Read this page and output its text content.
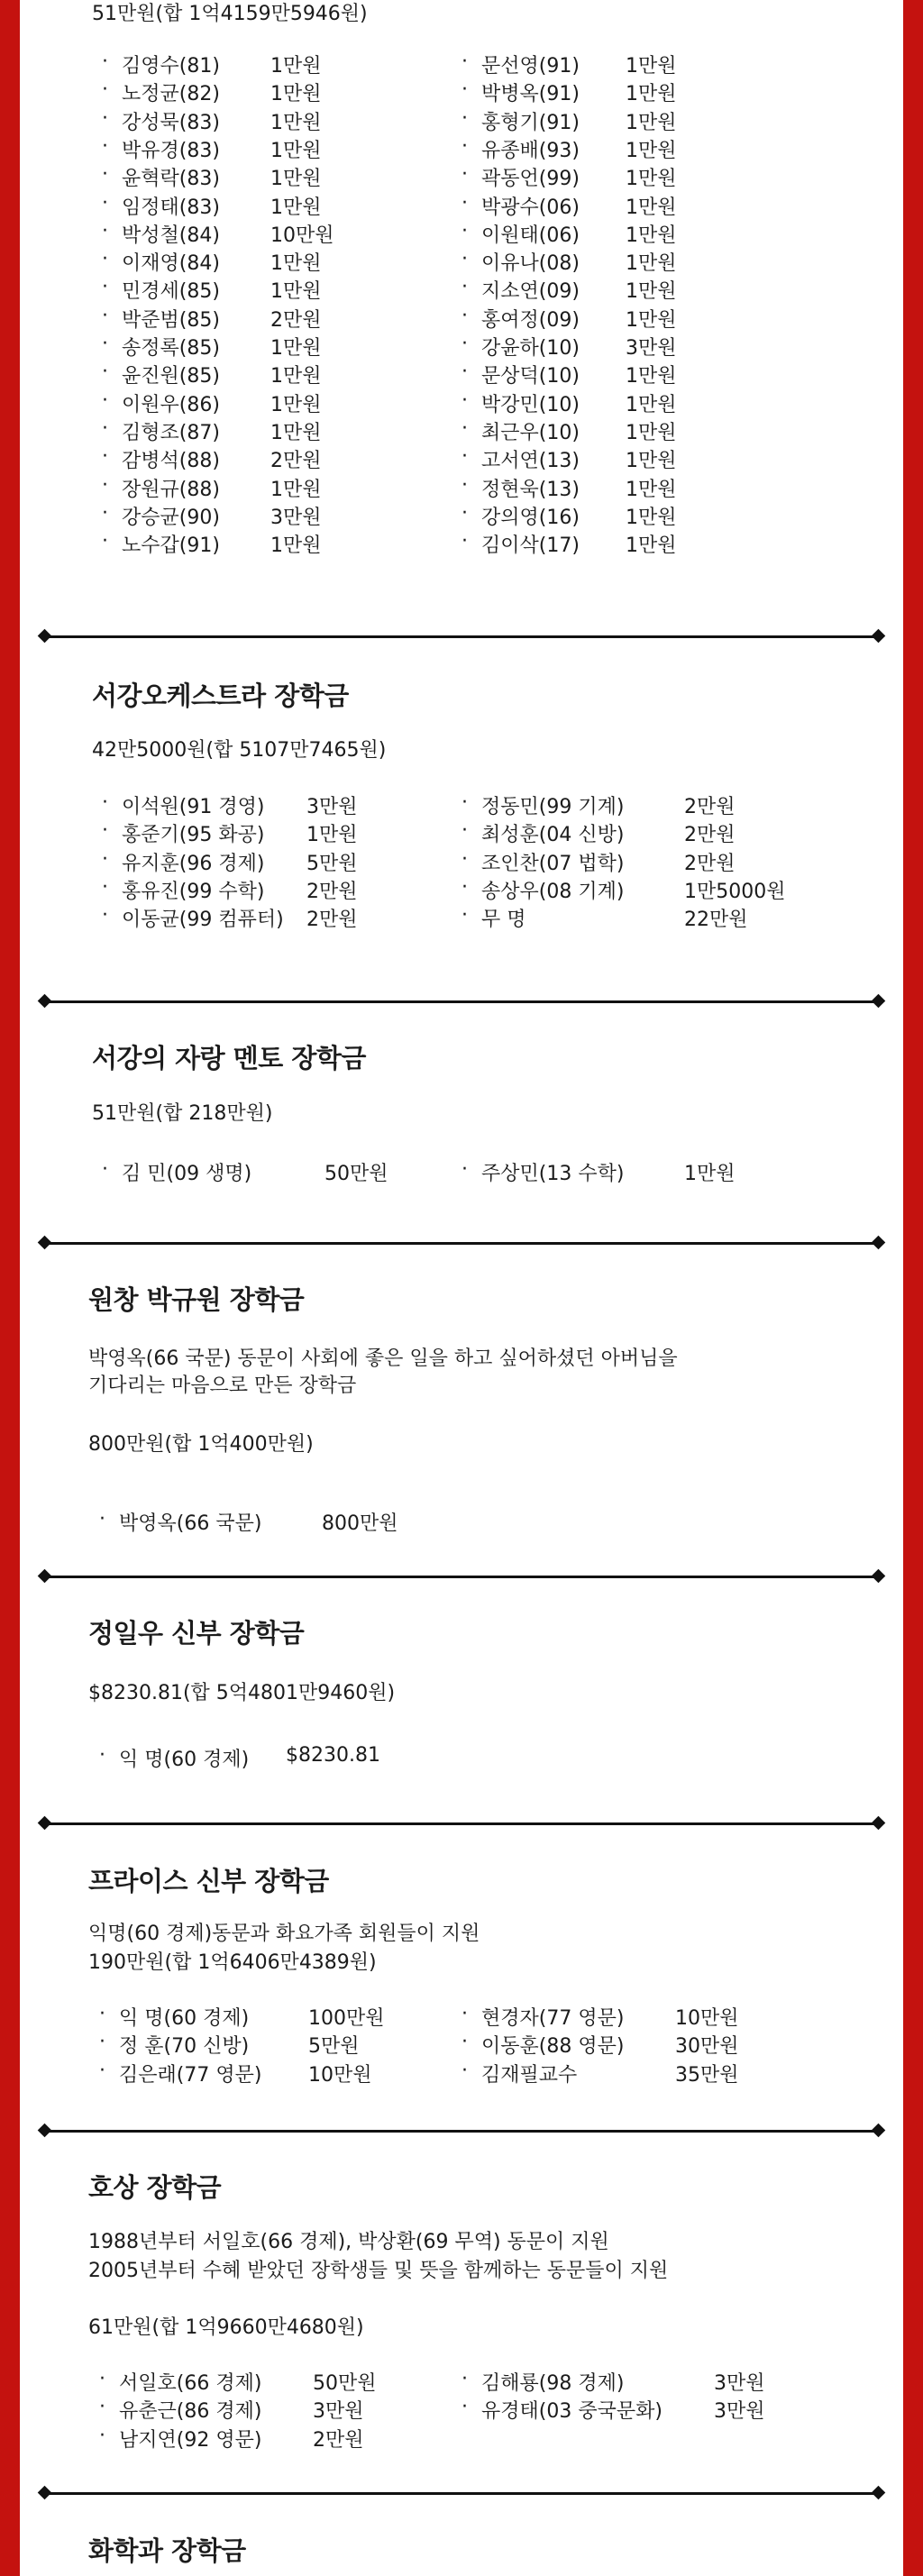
51만원(합 1억4159만5946원)
· 김영수(81)	1만원
· 노정균(82)	1만원
· 강성묵(83)	1만원
· 박유경(83)	1만원
· 윤혁락(83)	1만원
· 임정태(83)	1만원
· 박성철(84)	10만원
· 이재영(84)	1만원
· 민경세(85)	1만원
· 박준범(85)	2만원
· 송정록(85)	1만원
· 윤진원(85)	1만원
· 이원우(86)	1만원
· 김형조(87)	1만원
· 감병석(88)	2만원
· 장원규(88)	1만원
· 강승균(90)	3만원
· 노수갑(91)	1만원
· 문선영(91)	1만원
· 박병옥(91)	1만원
· 홍형기(91)	1만원
· 유종배(93)	1만원
· 곽동언(99)	1만원
· 박광수(06)	1만원
· 이원태(06)	1만원
· 이유나(08)	1만원
· 지소연(09)	1만원
· 홍여정(09)	1만원
· 강윤하(10)	3만원
· 문상덕(10)	1만원
· 박강민(10)	1만원
· 최근우(10)	1만원
· 고서연(13)	1만원
· 정현욱(13)	1만원
· 강의영(16)	1만원
· 김이삭(17)	1만원
서강오케스트라 장학금
42만5000원(합 5107만7465원)
· 이석원(91 경영)	3만원
· 홍준기(95 화공)	1만원
· 유지훈(96 경제)	5만원
· 홍유진(99 수학)	2만원
· 이동균(99 컴퓨터)	2만원
· 정동민(99 기계)	2만원
· 최성훈(04 신방)	2만원
· 조인찬(07 법학)	2만원
· 송상우(08 기계)	1만5000원
· 무 명	22만원
서강의 자랑 멘토 장학금
51만원(합 218만원)
· 김 민(09 생명)	50만원	· 주상민(13 수학)	1만원
원창 박규원 장학금
박영옥(66 국문) 동문이 사회에 좋은 일을 하고 싶어하셨던 아버님을
기다리는 마음으로 만든 장학금
800만원(합 1억400만원)
· 박영옥(66 국문)	800만원
정일우 신부 장학금
$8230.81(합 5억4801만9460원)
· 익 명(60 경제)	$8230.81
프라이스 신부 장학금
익명(60 경제)동문과 화요가족 회원들이 지원
190만원(합 1억6406만4389원)
· 익 명(60 경제)	100만원
· 정 훈(70 신방)	5만원
· 김은래(77 영문)	10만원
· 현경자(77 영문)	10만원
· 이동훈(88 영문)	30만원
· 김재필교수	35만원
호상 장학금
1988년부터 서일호(66 경제), 박상환(69 무역) 동문이 지원
2005년부터 수혜 받았던 장학생들 및 뜻을 함께하는 동문들이 지원
61만원(합 1억9660만4680원)
· 서일호(66 경제)	50만원
· 유춘근(86 경제)	3만원
· 남지연(92 영문)	2만원
· 김해룡(98 경제)	3만원
· 유경태(03 중국문화)	3만원
화학과 장학금
